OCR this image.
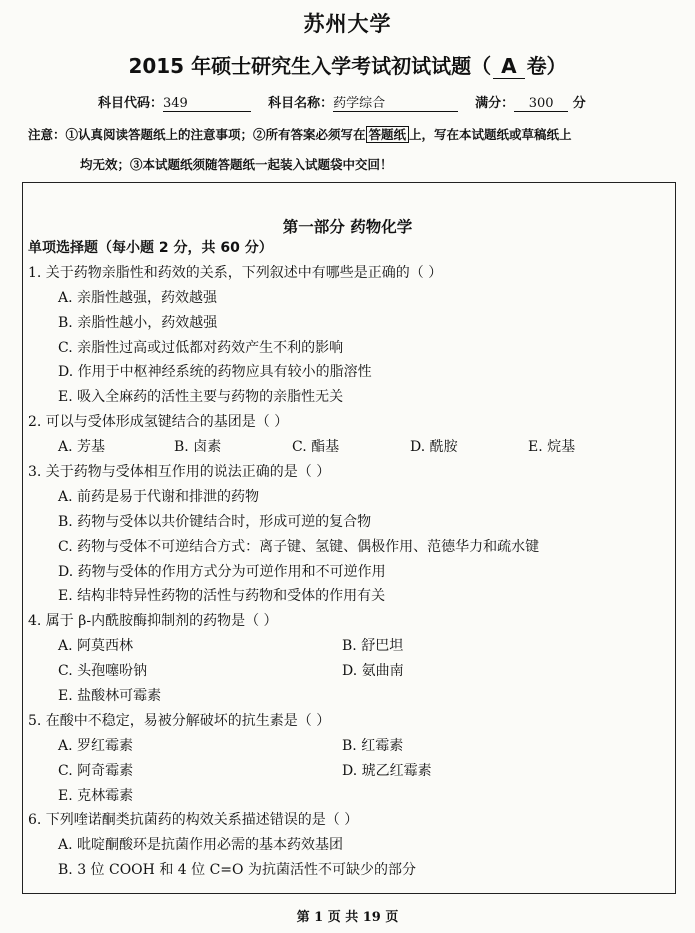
苏州大学
2015 年硕士研究生入学考试初试试题（ A 卷）
科目代码：349	科目名称：药学综合	满分： 300 分
注意：①认真阅读答题纸上的注意事项；②所有答案必须写在 答题纸 上，写在本试题纸或草稿纸上
均无效；③本试题纸须随答题纸一起装入试题袋中交回！
第一部分 药物化学
单项选择题（每小题 2 分，共 60 分）
1. 关于药物亲脂性和药效的关系，下列叙述中有哪些是正确的（ ）
A. 亲脂性越强，药效越强
B. 亲脂性越小，药效越强
C. 亲脂性过高或过低都对药效产生不利的影响
D. 作用于中枢神经系统的药物应具有较小的脂溶性
E. 吸入全麻药的活性主要与药物的亲脂性无关
2. 可以与受体形成氢键结合的基团是（ ）
A. 芳基	B. 卤素	C. 酯基	D. 酰胺	E. 烷基
3. 关于药物与受体相互作用的说法正确的是（ ）
A. 前药是易于代谢和排泄的药物
B. 药物与受体以共价键结合时，形成可逆的复合物
C. 药物与受体不可逆结合方式：离子键、氢键、偶极作用、范德华力和疏水键
D. 药物与受体的作用方式分为可逆作用和不可逆作用
E. 结构非特异性药物的活性与药物和受体的作用有关
4. 属于 β-内酰胺酶抑制剂的药物是（ ）
A. 阿莫西林	B. 舒巴坦
C. 头孢噻吩钠	D. 氨曲南
E. 盐酸林可霉素
5. 在酸中不稳定，易被分解破坏的抗生素是（ ）
A. 罗红霉素	B. 红霉素
C. 阿奇霉素	D. 琥乙红霉素
E. 克林霉素
6. 下列喹诺酮类抗菌药的构效关系描述错误的是（ ）
A. 吡啶酮酸环是抗菌作用必需的基本药效基团
B. 3 位 COOH 和 4 位 C=O 为抗菌活性不可缺少的部分
第 1 页 共 19 页
